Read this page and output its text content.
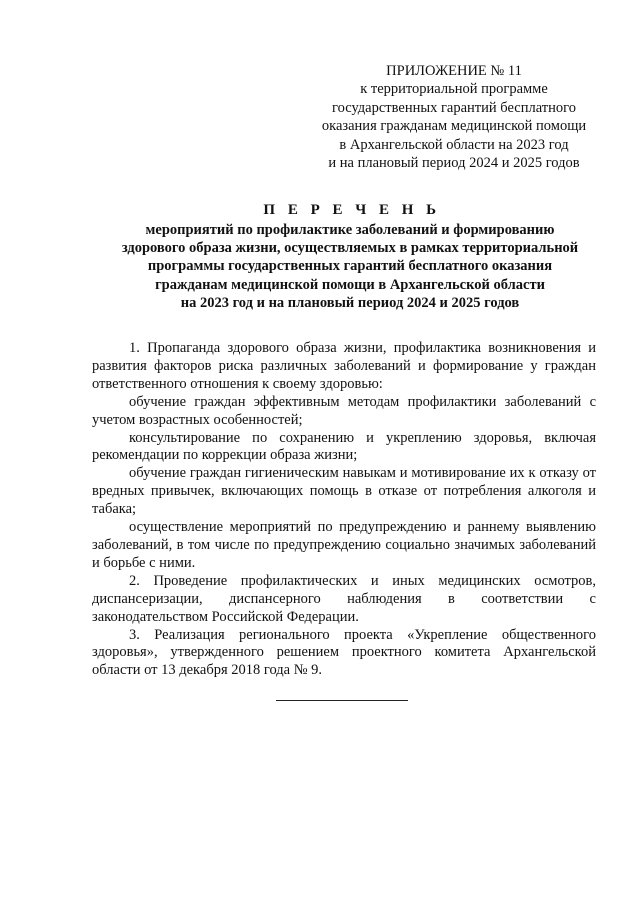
ПРИЛОЖЕНИЕ № 11
к территориальной программе
государственных гарантий бесплатного
оказания гражданам медицинской помощи
в Архангельской области на 2023 год
и на плановый период 2024 и 2025 годов
П Е Р Е Ч Е Н Ь
мероприятий по профилактике заболеваний и формированию
здорового образа жизни, осуществляемых в рамках территориальной
программы государственных гарантий бесплатного оказания
гражданам медицинской помощи в Архангельской области
на 2023 год и на плановый период 2024 и 2025 годов

1. Пропаганда здорового образа жизни, профилактика возникновения и развития факторов риска различных заболеваний и формирование у граждан ответственного отношения к своему здоровью:

обучение граждан эффективным методам профилактики заболеваний с учетом возрастных особенностей;

консультирование по сохранению и укреплению здоровья, включая рекомендации по коррекции образа жизни;

обучение граждан гигиеническим навыкам и мотивирование их к отказу от вредных привычек, включающих помощь в отказе от потребления алкоголя и табака;

осуществление мероприятий по предупреждению и раннему выявлению заболеваний, в том числе по предупреждению социально значимых заболеваний и борьбе с ними.

2. Проведение профилактических и иных медицинских осмотров, диспансеризации, диспансерного наблюдения в соответствии с законодательством Российской Федерации.

3. Реализация регионального проекта «Укрепление общественного здоровья», утвержденного решением проектного комитета Архангельской области от 13 декабря 2018 года № 9.
